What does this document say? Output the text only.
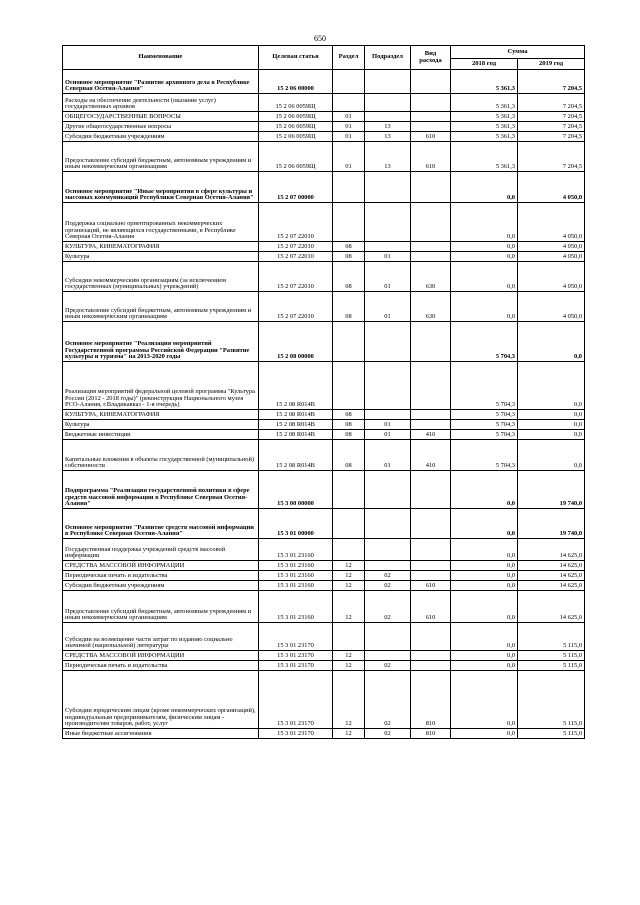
650
Наименование	Целевая статья	Раздел	Подраздел	Вид расхода	Сумма	
					2018 год	2019 год
Основное мероприятие "Развитие архивного дела в Республике Северная Осетия-Алания"	15 2 06 00000				5 361,3	7 204,5
Расходы на обеспечение деятельности (оказание услуг) государственных архивов	15 2 06 0059Щ				5 361,3	7 204,5
ОБЩЕГОСУДАРСТВЕННЫЕ ВОПРОСЫ	15 2 06 0059Щ	01			5 361,3	7 204,5
Другие общегосударственные вопросы	15 2 06 0059Щ	01	13		5 361,3	7 204,5
Субсидии бюджетным учреждениям	15 2 06 0059Щ	01	13	610	5 361,3	7 204,5
Предоставление субсидий бюджетным, автономным учреждениям и иным некоммерческим организациям	15 2 06 0059Щ	01	13	610	5 361,3	7 204,5
Основное мероприятие "Иные мероприятия в сфере культуры и массовых коммуникаций Республики Северная Осетия-Алания"	15 2 07 00000				0,0	4 050,0
Поддержка социально ориентированных некоммерческих организаций, не являющихся государственными, в Республике Северная Осетия-Алания	15 2 07 22010				0,0	4 050,0
КУЛЬТУРА, КИНЕМАТОГРАФИЯ	15 2 07 22010	08			0,0	4 050,0
Культура	15 2 07 22010	08	01		0,0	4 050,0
Субсидии некоммерческим организациям (за исключением государственных (муниципальных) учреждений)	15 2 07 22010	08	01	630	0,0	4 050,0
Предоставление субсидий бюджетным, автономным учреждениям и иным некоммерческим организациям	15 2 07 22010	08	01	630	0,0	4 050,0
Основное мероприятие "Реализация мероприятий Государственной программы Российской Федерации "Развитие культуры и туризма" на 2013-2020 годы	15 2 08 00000				5 704,3	0,0
Реализация мероприятий федеральной целевой программы "Культура России (2012 - 2018 годы)" (реконструкция Национального музея РСО-Алания, г.Владикавказ - 1-я очередь)	15 2 08 R014В				5 704,3	0,0
КУЛЬТУРА, КИНЕМАТОГРАФИЯ	15 2 08 R014В	08			5 704,3	0,0
Культура	15 2 08 R014В	08	01		5 704,3	0,0
Бюджетные инвестиции	15 2 08 R014В	08	01	410	5 704,3	0,0
Капитальные вложения в объекты государственной (муниципальной) собственности	15 2 08 R014В	08	01	410	5 704,3	0,0
Подпрограмма "Реализация государственной политики в сфере средств массовой информации в Республике Северная Осетия-Алания"	15 3 00 00000				0,0	19 740,0
Основное мероприятие "Развитие средств массовой информации в Республике Северная Осетия-Алания"	15 3 01 00000				0,0	19 740,0
Государственная поддержка учреждений средств массовой информации	15 3 01 23160				0,0	14 625,0
СРЕДСТВА МАССОВОЙ ИНФОРМАЦИИ	15 3 01 23160	12			0,0	14 625,0
Периодическая печать и издательства	15 3 01 23160	12	02		0,0	14 625,0
Субсидии бюджетным учреждениям	15 3 01 23160	12	02	610	0,0	14 625,0
Предоставление субсидий бюджетным, автономным учреждениям и иным некоммерческим организациям	15 3 01 23160	12	02	610	0,0	14 625,0
Субсидии на возмещение части затрат по изданию социально значимой (национальной) литературы	15 3 01 23170				0,0	5 115,0
СРЕДСТВА МАССОВОЙ ИНФОРМАЦИИ	15 3 01 23170	12			0,0	5 115,0
Периодическая печать и издательства	15 3 01 23170	12	02		0,0	5 115,0
Субсидии юридическим лицам (кроме некоммерческих организаций), индивидуальным предпринимателям, физическим лицам - производителям товаров, работ, услуг	15 3 01 23170	12	02	810	0,0	5 115,0
Иные бюджетные ассигнования	15 3 01 23170	12	02	810	0,0	5 115,0
